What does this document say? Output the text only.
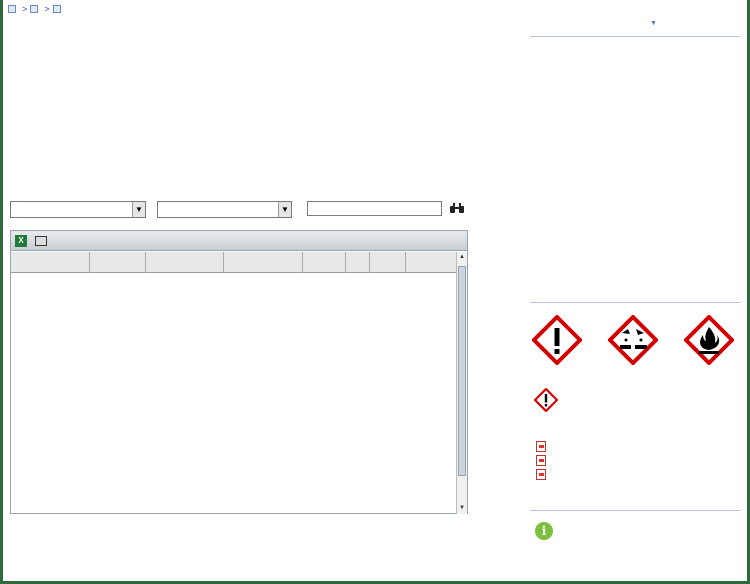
> >
▼	▼
X
▲
▼
▼
i
